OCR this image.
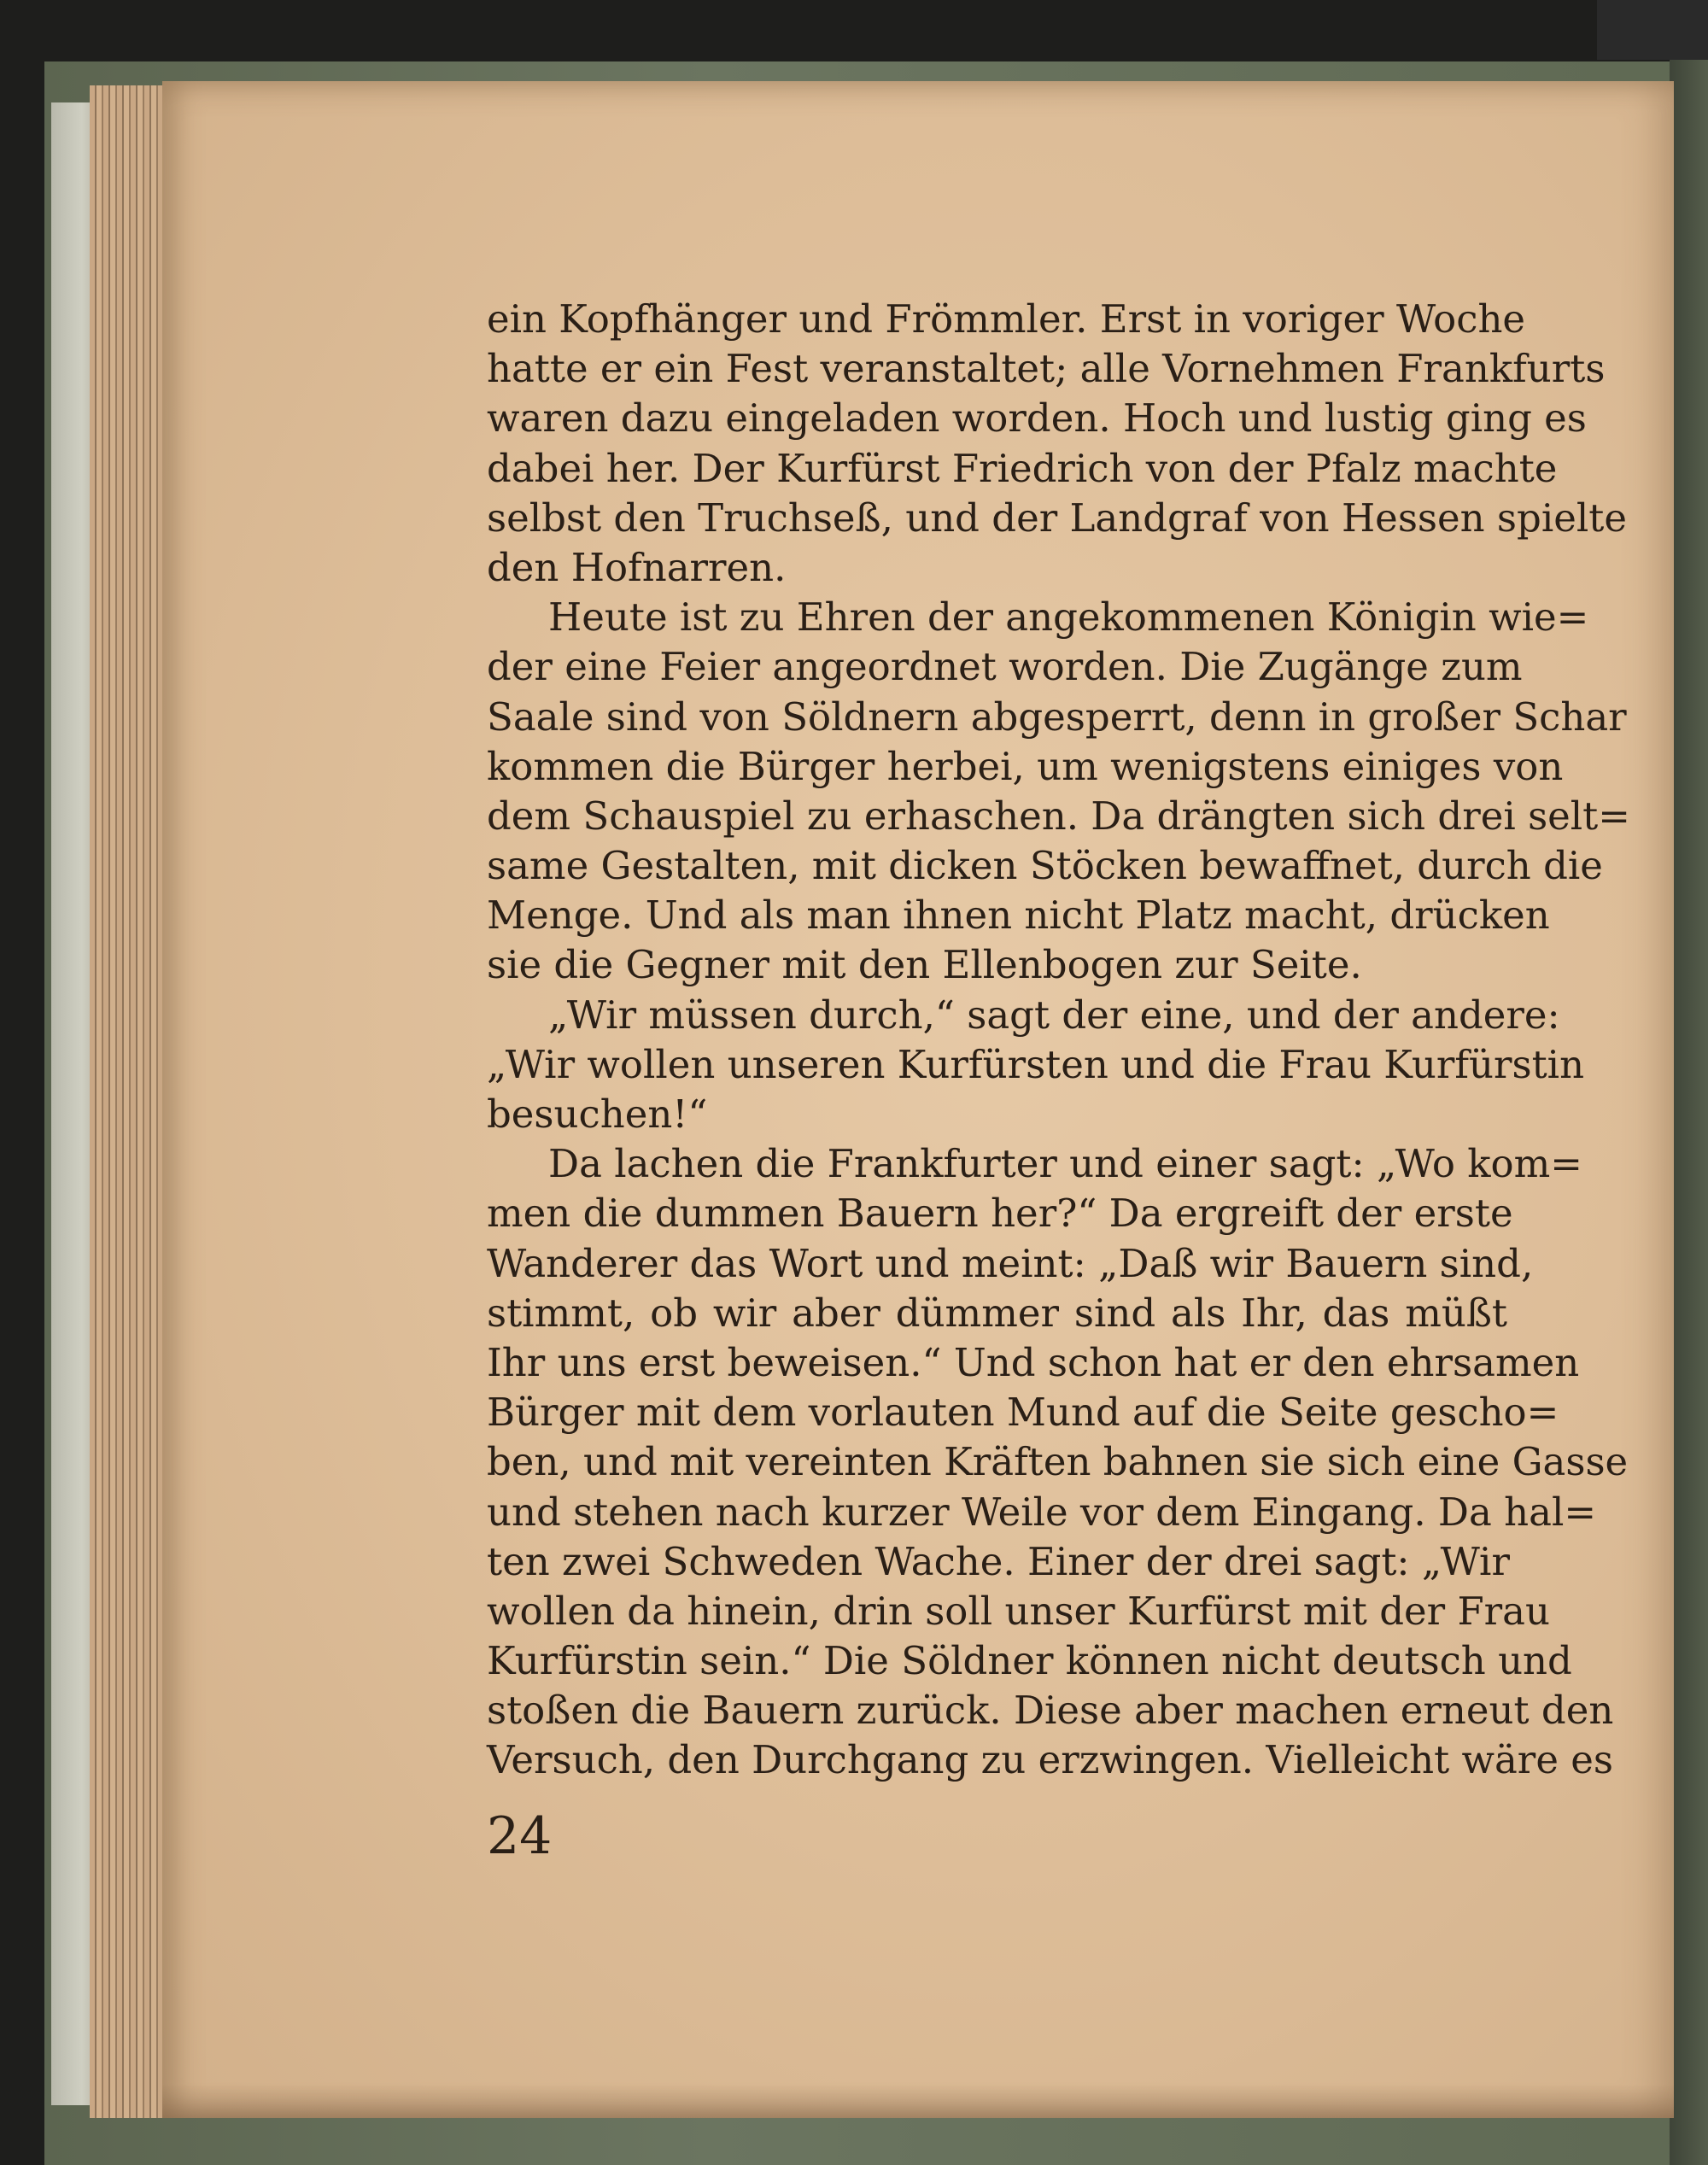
ein Kopfhänger und Frömmler. Erst in voriger Woche
hatte er ein Fest veranstaltet; alle Vornehmen Frankfurts
waren dazu eingeladen worden. Hoch und lustig ging es
dabei her. Der Kurfürst Friedrich von der Pfalz machte
selbst den Truchseß, und der Landgraf von Hessen spielte
den Hofnarren.
Heute ist zu Ehren der angekommenen Königin wie=
der eine Feier angeordnet worden. Die Zugänge zum
Saale sind von Söldnern abgesperrt, denn in großer Schar
kommen die Bürger herbei, um wenigstens einiges von
dem Schauspiel zu erhaschen. Da drängten sich drei selt=
same Gestalten, mit dicken Stöcken bewaffnet, durch die
Menge. Und als man ihnen nicht Platz macht, drücken
sie die Gegner mit den Ellenbogen zur Seite.
„Wir müssen durch,“ sagt der eine, und der andere:
„Wir wollen unseren Kurfürsten und die Frau Kurfürstin
besuchen!“
Da lachen die Frankfurter und einer sagt: „Wo kom=
men die dummen Bauern her?“ Da ergreift der erste
Wanderer das Wort und meint: „Daß wir Bauern sind,
stimmt, ob wir aber dümmer sind als Ihr, das müßt
Ihr uns erst beweisen.“ Und schon hat er den ehrsamen
Bürger mit dem vorlauten Mund auf die Seite gescho=
ben, und mit vereinten Kräften bahnen sie sich eine Gasse
und stehen nach kurzer Weile vor dem Eingang. Da hal=
ten zwei Schweden Wache. Einer der drei sagt: „Wir
wollen da hinein, drin soll unser Kurfürst mit der Frau
Kurfürstin sein.“ Die Söldner können nicht deutsch und
stoßen die Bauern zurück. Diese aber machen erneut den
Versuch, den Durchgang zu erzwingen. Vielleicht wäre es
24
